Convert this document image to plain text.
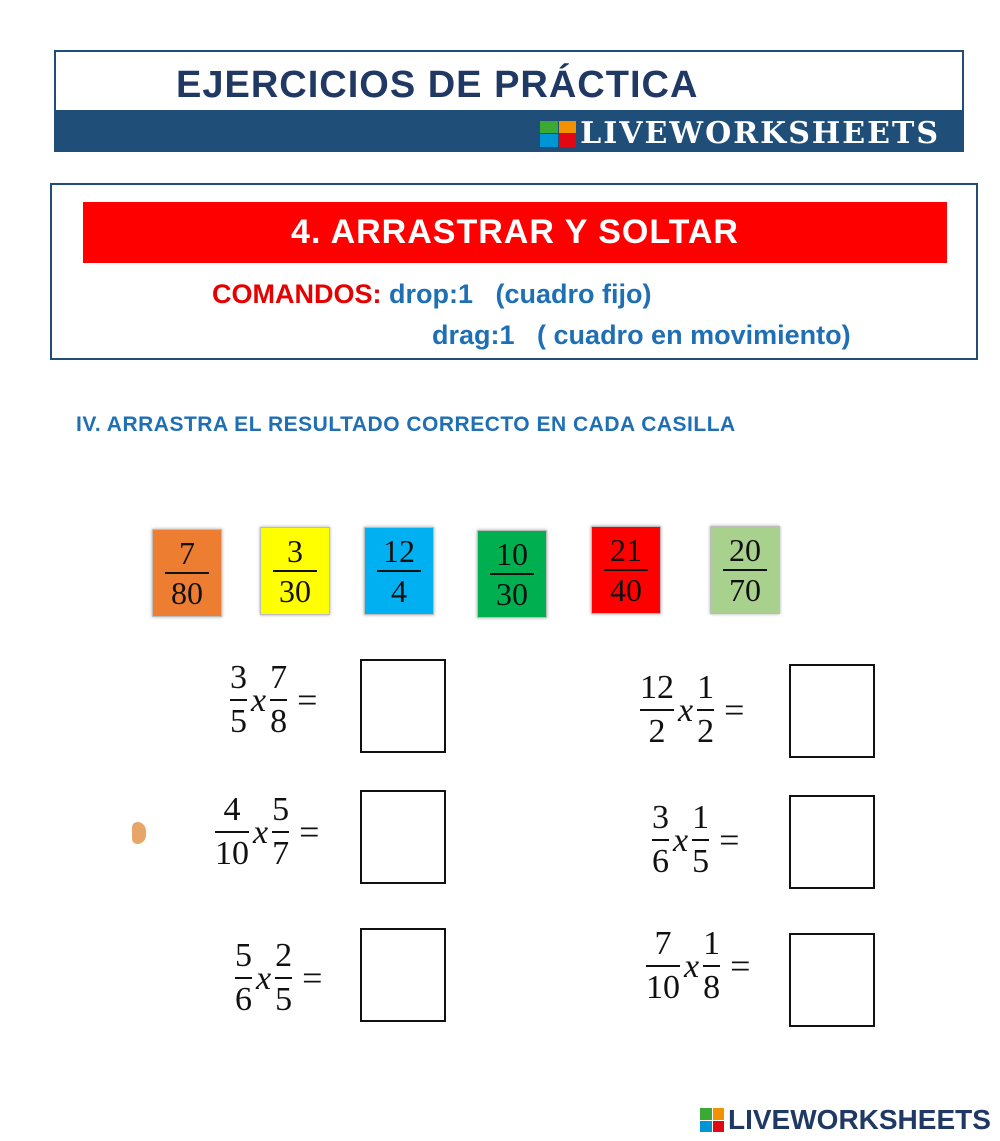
EJERCICIOS DE PRÁCTICA
LIVEWORKSHEETS
4. ARRASTRAR Y SOLTAR
COMANDOS: drop:1 (cuadro fijo)
drag:1 ( cuadro en movimiento)
IV. ARRASTRA EL RESULTADO CORRECTO EN CADA CASILLA
7
80
3
30
12
4
10
30
21
40
20
70
$\frac{3}{5}$ x $\frac{7}{8}$ =
$\frac{4}{10}$ x $\frac{5}{7}$ =
$\frac{5}{6}$ x $\frac{2}{5}$ =
$\frac{12}{2}$ x $\frac{1}{2}$ =
$\frac{3}{6}$ x $\frac{1}{5}$ =
$\frac{7}{10}$ x $\frac{1}{8}$ =
LIVEWORKSHEETS
